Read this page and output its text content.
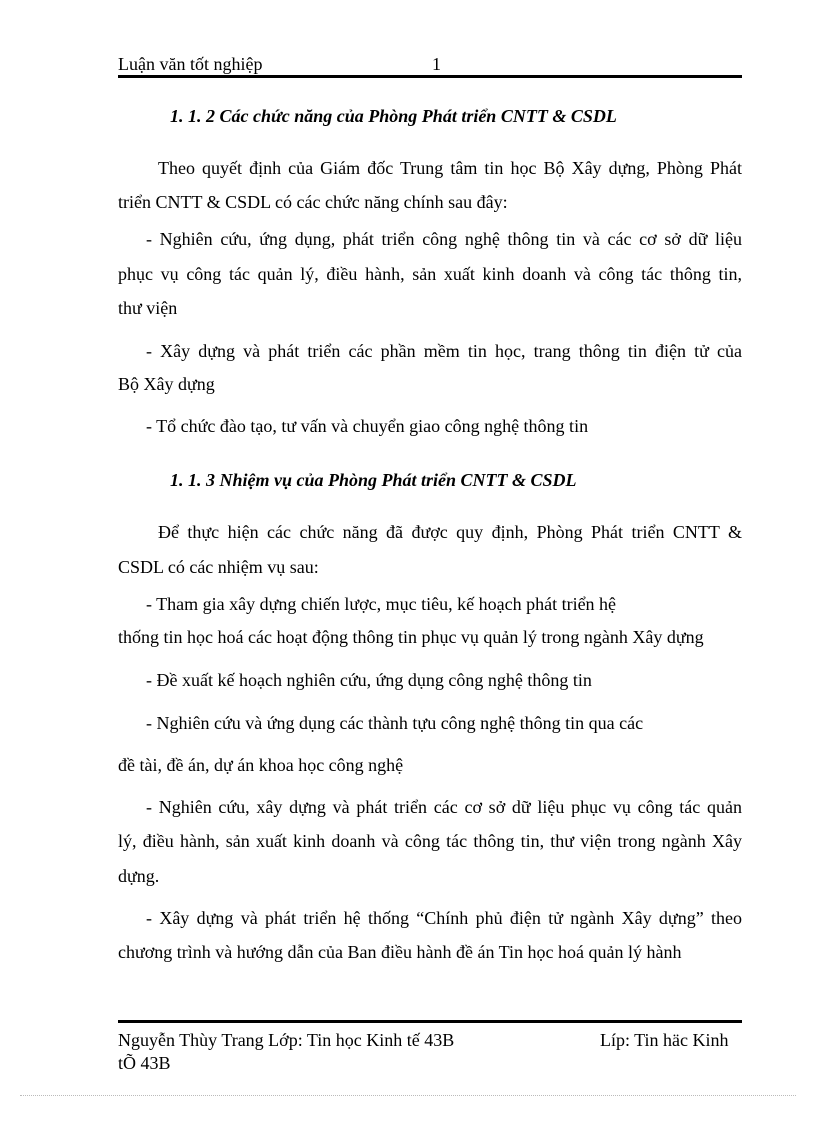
Luận văn tốt nghiệp	1
1. 1. 2 Các chức năng của Phòng Phát triển CNTT & CSDL
Theo quyết định của Giám đốc Trung tâm tin học Bộ Xây dựng, Phòng Phát
triển CNTT & CSDL có các chức năng chính sau đây:
- Nghiên cứu, ứng dụng, phát triển công nghệ thông tin và các cơ sở dữ liệu
phục vụ công tác quản lý, điều hành, sản xuất kinh doanh và công tác thông tin,
thư viện
- Xây dựng và phát triển các phần mềm tin học, trang thông tin điện tử của
Bộ Xây dựng
- Tổ chức đào tạo, tư vấn và chuyển giao công nghệ thông tin
1. 1. 3 Nhiệm vụ của Phòng Phát triển CNTT & CSDL
Để thực hiện các chức năng đã được quy định, Phòng Phát triển CNTT &
CSDL có các nhiệm vụ sau:
- Tham gia xây dựng chiến lược, mục tiêu, kế hoạch phát triển hệ
thống tin học hoá các hoạt động thông tin phục vụ quản lý trong ngành Xây dựng
- Đề xuất kế hoạch nghiên cứu, ứng dụng công nghệ thông tin
- Nghiên cứu và ứng dụng các thành tựu công nghệ thông tin qua các
đề tài, đề án, dự án khoa học công nghệ
- Nghiên cứu, xây dựng và phát triển các cơ sở dữ liệu phục vụ công tác quản
lý, điều hành, sản xuất kinh doanh và công tác thông tin, thư viện trong ngành Xây
dựng.
- Xây dựng và phát triển hệ thống “Chính phủ điện tử ngành Xây dựng” theo
chương trình và hướng dẫn của Ban điều hành đề án Tin học hoá quản lý hành
Nguyễn Thùy Trang Lớp: Tin học Kinh tế 43B	Líp: Tin häc Kinh
tÕ 43B
